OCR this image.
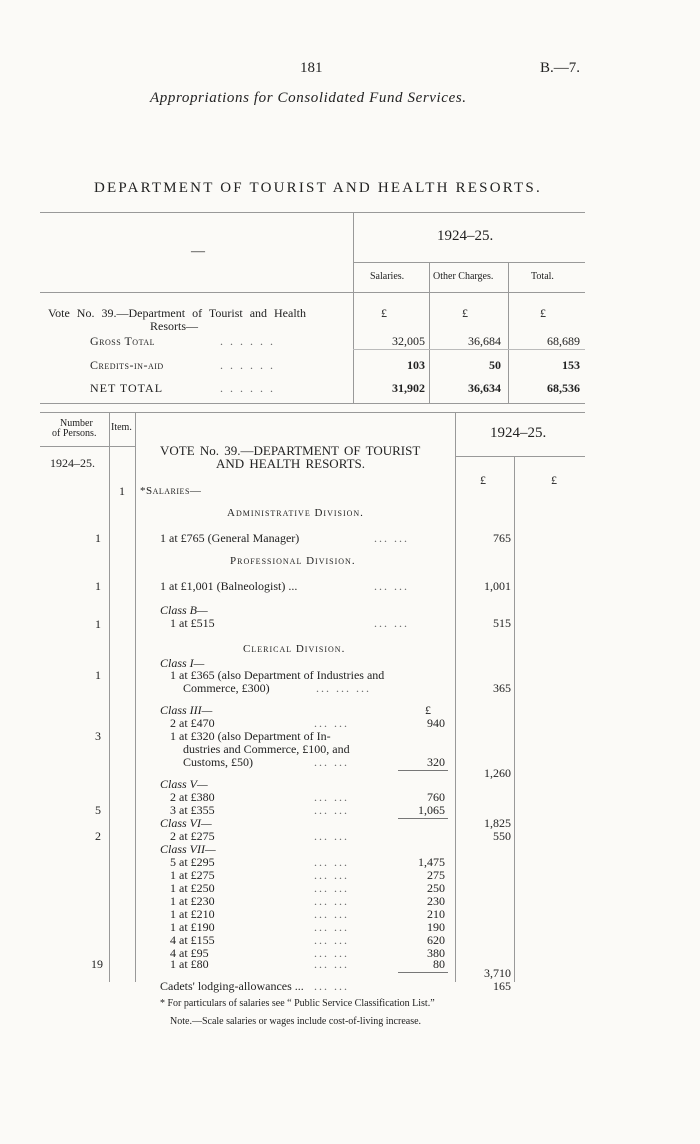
181	B.—7.
Appropriations for Consolidated Fund Services.
DEPARTMENT OF TOURIST AND HEALTH RESORTS.
—
1924–25.
Salaries.	Other Charges.	Total.
Vote No. 39.—Department of Tourist and Health
Resorts—
£	£	£
Gross Total	. . . . . .	32,005	36,684	68,689
Credits-in-aid	. . . . . .	103	50	153
NET TOTAL	. . . . . .	31,902	36,634	68,536
Number
of Persons.
Item.
1924–25.
1924–25.
VOTE No. 39.—DEPARTMENT OF TOURIST
AND HEALTH RESORTS.
£	£
1 *Salaries—
Administrative Division.
1	1 at £765 (General Manager)	... ...	765
Professional Division.
1	1 at £1,001 (Balneologist) ...	... ...	1,001
Class B—
1	1 at £515	... ...	515
Clerical Division.
Class I—
1	1 at £365 (also Department of Industries and
Commerce, £300)	... ... ...	365
Class III—	£
2 at £470	... ...	940
3	1 at £320 (also Department of In-
dustries and Commerce, £100, and
Customs, £50)	... ...	320
1,260
Class V—
2 at £380	... ...	760
5	3 at £355	... ...	1,065
Class VI—	1,825
2	2 at £275	... ...	550
Class VII—
5 at £295	... ...	1,475
1 at £275	... ...	275
1 at £250	... ...	250
1 at £230	... ...	230
1 at £210	... ...	210
1 at £190	... ...	190
4 at £155	... ...	620
4 at £95	... ...	380
19	1 at £80	... ...	80
3,710
Cadets' lodging-allowances ... ... ...	165
* For particulars of salaries see “ Public Service Classification List.”
Note.—Scale salaries or wages include cost-of-living increase.
